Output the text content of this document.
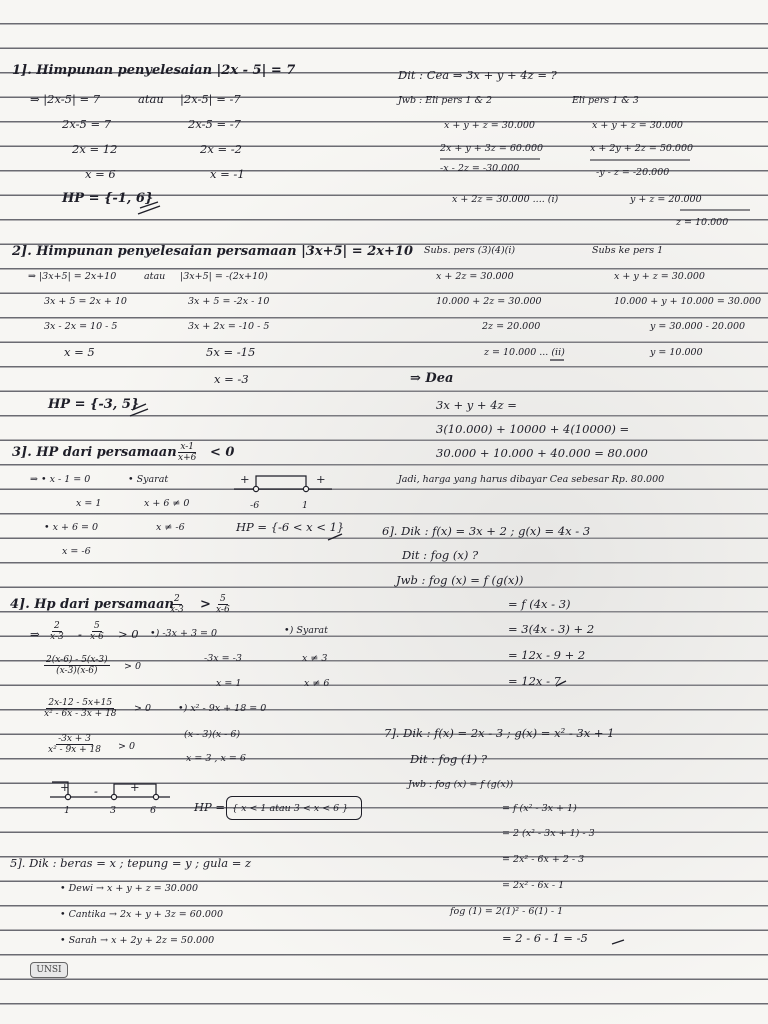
1]. Himpunan penyelesaian |2x - 5| = 7
⇒ |2x-5| = 7	atau |2x-5| = -7
2x-5 = 7	2x-5 = -7
2x = 12	2x = -2
x = 6	x = -1
HP = {-1, 6}
Dit : Cea ⇒ 3x + y + 4z = ?
Jwb : Eli pers 1 & 2	Eli pers 1 & 3
x + y + z = 30.000	x + y + z = 30.000
2x + y + 3z = 60.000	x + 2y + 2z = 50.000
-x - 2z = -30.000	-y - z = -20.000
x + 2z = 30.000 .... (i)	y + z = 20.000
z = 10.000
Subs. pers (3)(4)(i)	Subs ke pers 1
x + 2z = 30.000	x + y + z = 30.000
10.000 + 2z = 30.000	10.000 + y + 10.000 = 30.000
2z = 20.000	y = 30.000 - 20.000
z = 10.000 ... (ii)	y = 10.000
⇒ Dea
3x + y + 4z =
3(10.000) + 10000 + 4(10000) =
30.000 + 10.000 + 40.000 = 80.000
Jadi, harga yang harus dibayar Cea sebesar Rp. 80.000
2]. Himpunan penyelesaian persamaan |3x+5| = 2x+10
⇒ |3x+5| = 2x+10	atau |3x+5| = -(2x+10)
3x + 5 = 2x + 10	3x + 5 = -2x - 10
3x - 2x = 10 - 5	3x + 2x = -10 - 5
x = 5	5x = -15
x = -3
HP = {-3, 5}
3]. HP dari persamaan $\frac{x-1}{x+6} < 0$
⇒ • x - 1 = 0	• Syarat
x = 1	x + 6 ≠ 0
• x + 6 = 0	x ≠ -6
x = -6
+	-	+
-6	1
HP = {-6 < x < 1}	6]. Dik : f(x) = 3x + 2 ; g(x) = 4x - 3
Dit : fog (x) ?
Jwb : fog (x) = f (g(x))
= f (4x - 3)
= 3(4x - 3) + 2
= 12x - 9 + 2
= 12x - 7
4]. Hp dari persamaan
$\frac{2}{x-3} > \frac{5}{x-6}$
⇒ $\frac{2}{x-3} - \frac{5}{x-6} > 0$ •) -3x + 3 = 0	•) Syarat
$\frac{2(x-6) - 5(x-3)}{(x-3)(x-6)} > 0$
-3x = -3	x ≠ 3
x = 1	x ≠ 6
$\frac{2x-12 - 5x+15}{\text{x² - 6x - 3x + 18}} > 0$	•) x² - 9x + 18 = 0
$\frac{-3x + 3}{\text{x² - 9x + 18}} > 0$
(x - 3)(x - 6)
x = 3 , x = 6
+ -	+
1	3	6	HP = { x < 1 atau 3 < x < 6 }
7]. Dik : f(x) = 2x - 3 ; g(x) = x² - 3x + 1
Dit : fog (1) ?
Jwb : fog (x) = f (g(x))
= f (x² - 3x + 1)
= 2 (x² - 3x + 1) - 3
= 2x² - 6x + 2 - 3
= 2x² - 6x - 1
fog (1) = 2(1)² - 6(1) - 1
= 2 - 6 - 1 = -5
5]. Dik : beras = x ; tepung = y ; gula = z
• Dewi → x + y + z = 30.000
• Cantika → 2x + y + 3z = 60.000
• Sarah → x + 2y + 2z = 50.000
UNSI
